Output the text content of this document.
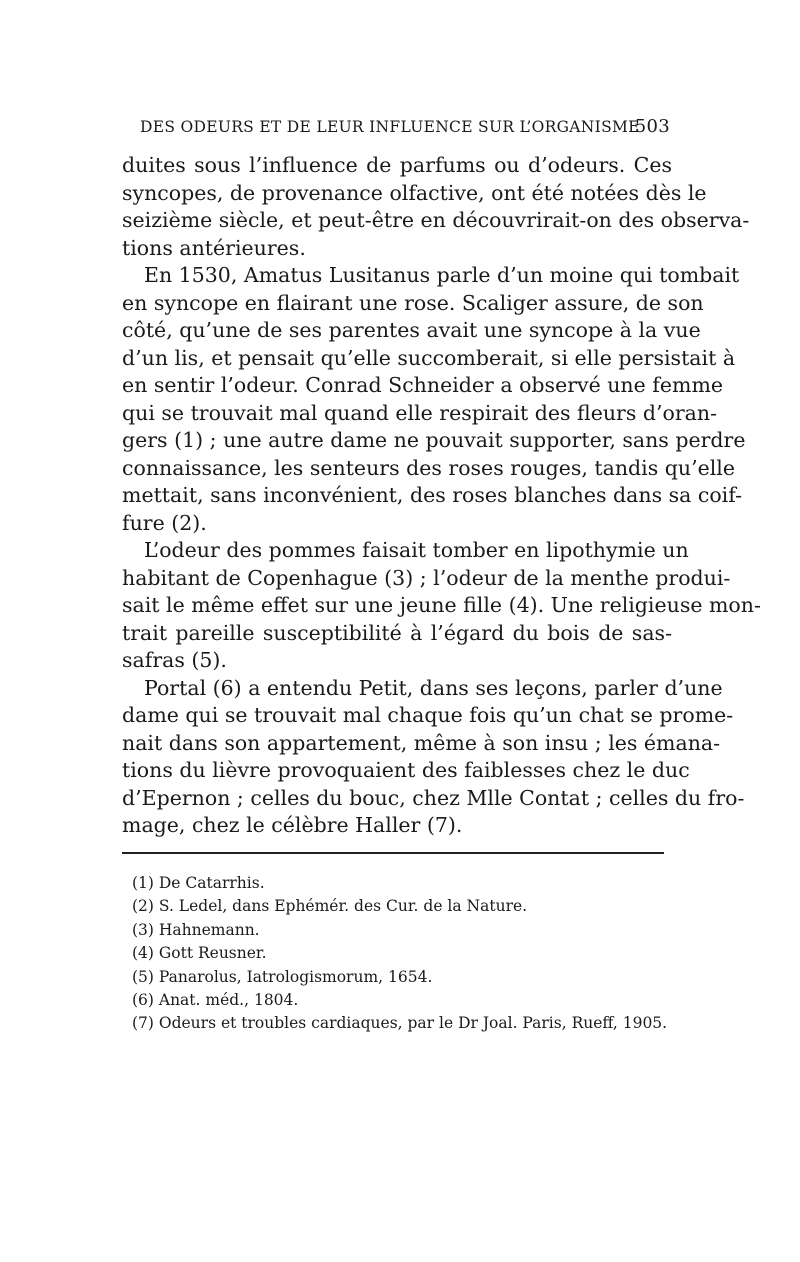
DES ODEURS ET DE LEUR INFLUENCE SUR L’ORGANISME
503
duites sous l’influence de parfums ou d’odeurs. Ces
syncopes, de provenance olfactive, ont été notées dès le
seizième siècle, et peut-être en découvrirait-on des observa-
tions antérieures.
En 1530, Amatus Lusitanus parle d’un moine qui tombait
en syncope en flairant une rose. Scaliger assure, de son
côté, qu’une de ses parentes avait une syncope à la vue
d’un lis, et pensait qu’elle succomberait, si elle persistait à
en sentir l’odeur. Conrad Schneider a observé une femme
qui se trouvait mal quand elle respirait des fleurs d’oran-
gers (1) ; une autre dame ne pouvait supporter, sans perdre
connaissance, les senteurs des roses rouges, tandis qu’elle
mettait, sans inconvénient, des roses blanches dans sa coif-
fure (2).
L’odeur des pommes faisait tomber en lipothymie un
habitant de Copenhague (3) ; l’odeur de la menthe produi-
sait le même effet sur une jeune fille (4). Une religieuse mon-
trait pareille susceptibilité à l’égard du bois de sas-
safras (5).
Portal (6) a entendu Petit, dans ses leçons, parler d’une
dame qui se trouvait mal chaque fois qu’un chat se prome-
nait dans son appartement, même à son insu ; les émana-
tions du lièvre provoquaient des faiblesses chez le duc
d’Epernon ; celles du bouc, chez Mlle Contat ; celles du fro-
mage, chez le célèbre Haller (7).
(1) De Catarrhis.
(2) S. Ledel, dans Ephémér. des Cur. de la Nature.
(3) Hahnemann.
(4) Gott Reusner.
(5) Panarolus, Iatrologismorum, 1654.
(6) Anat. méd., 1804.
(7) Odeurs et troubles cardiaques, par le Dr Joal. Paris, Rueff, 1905.
